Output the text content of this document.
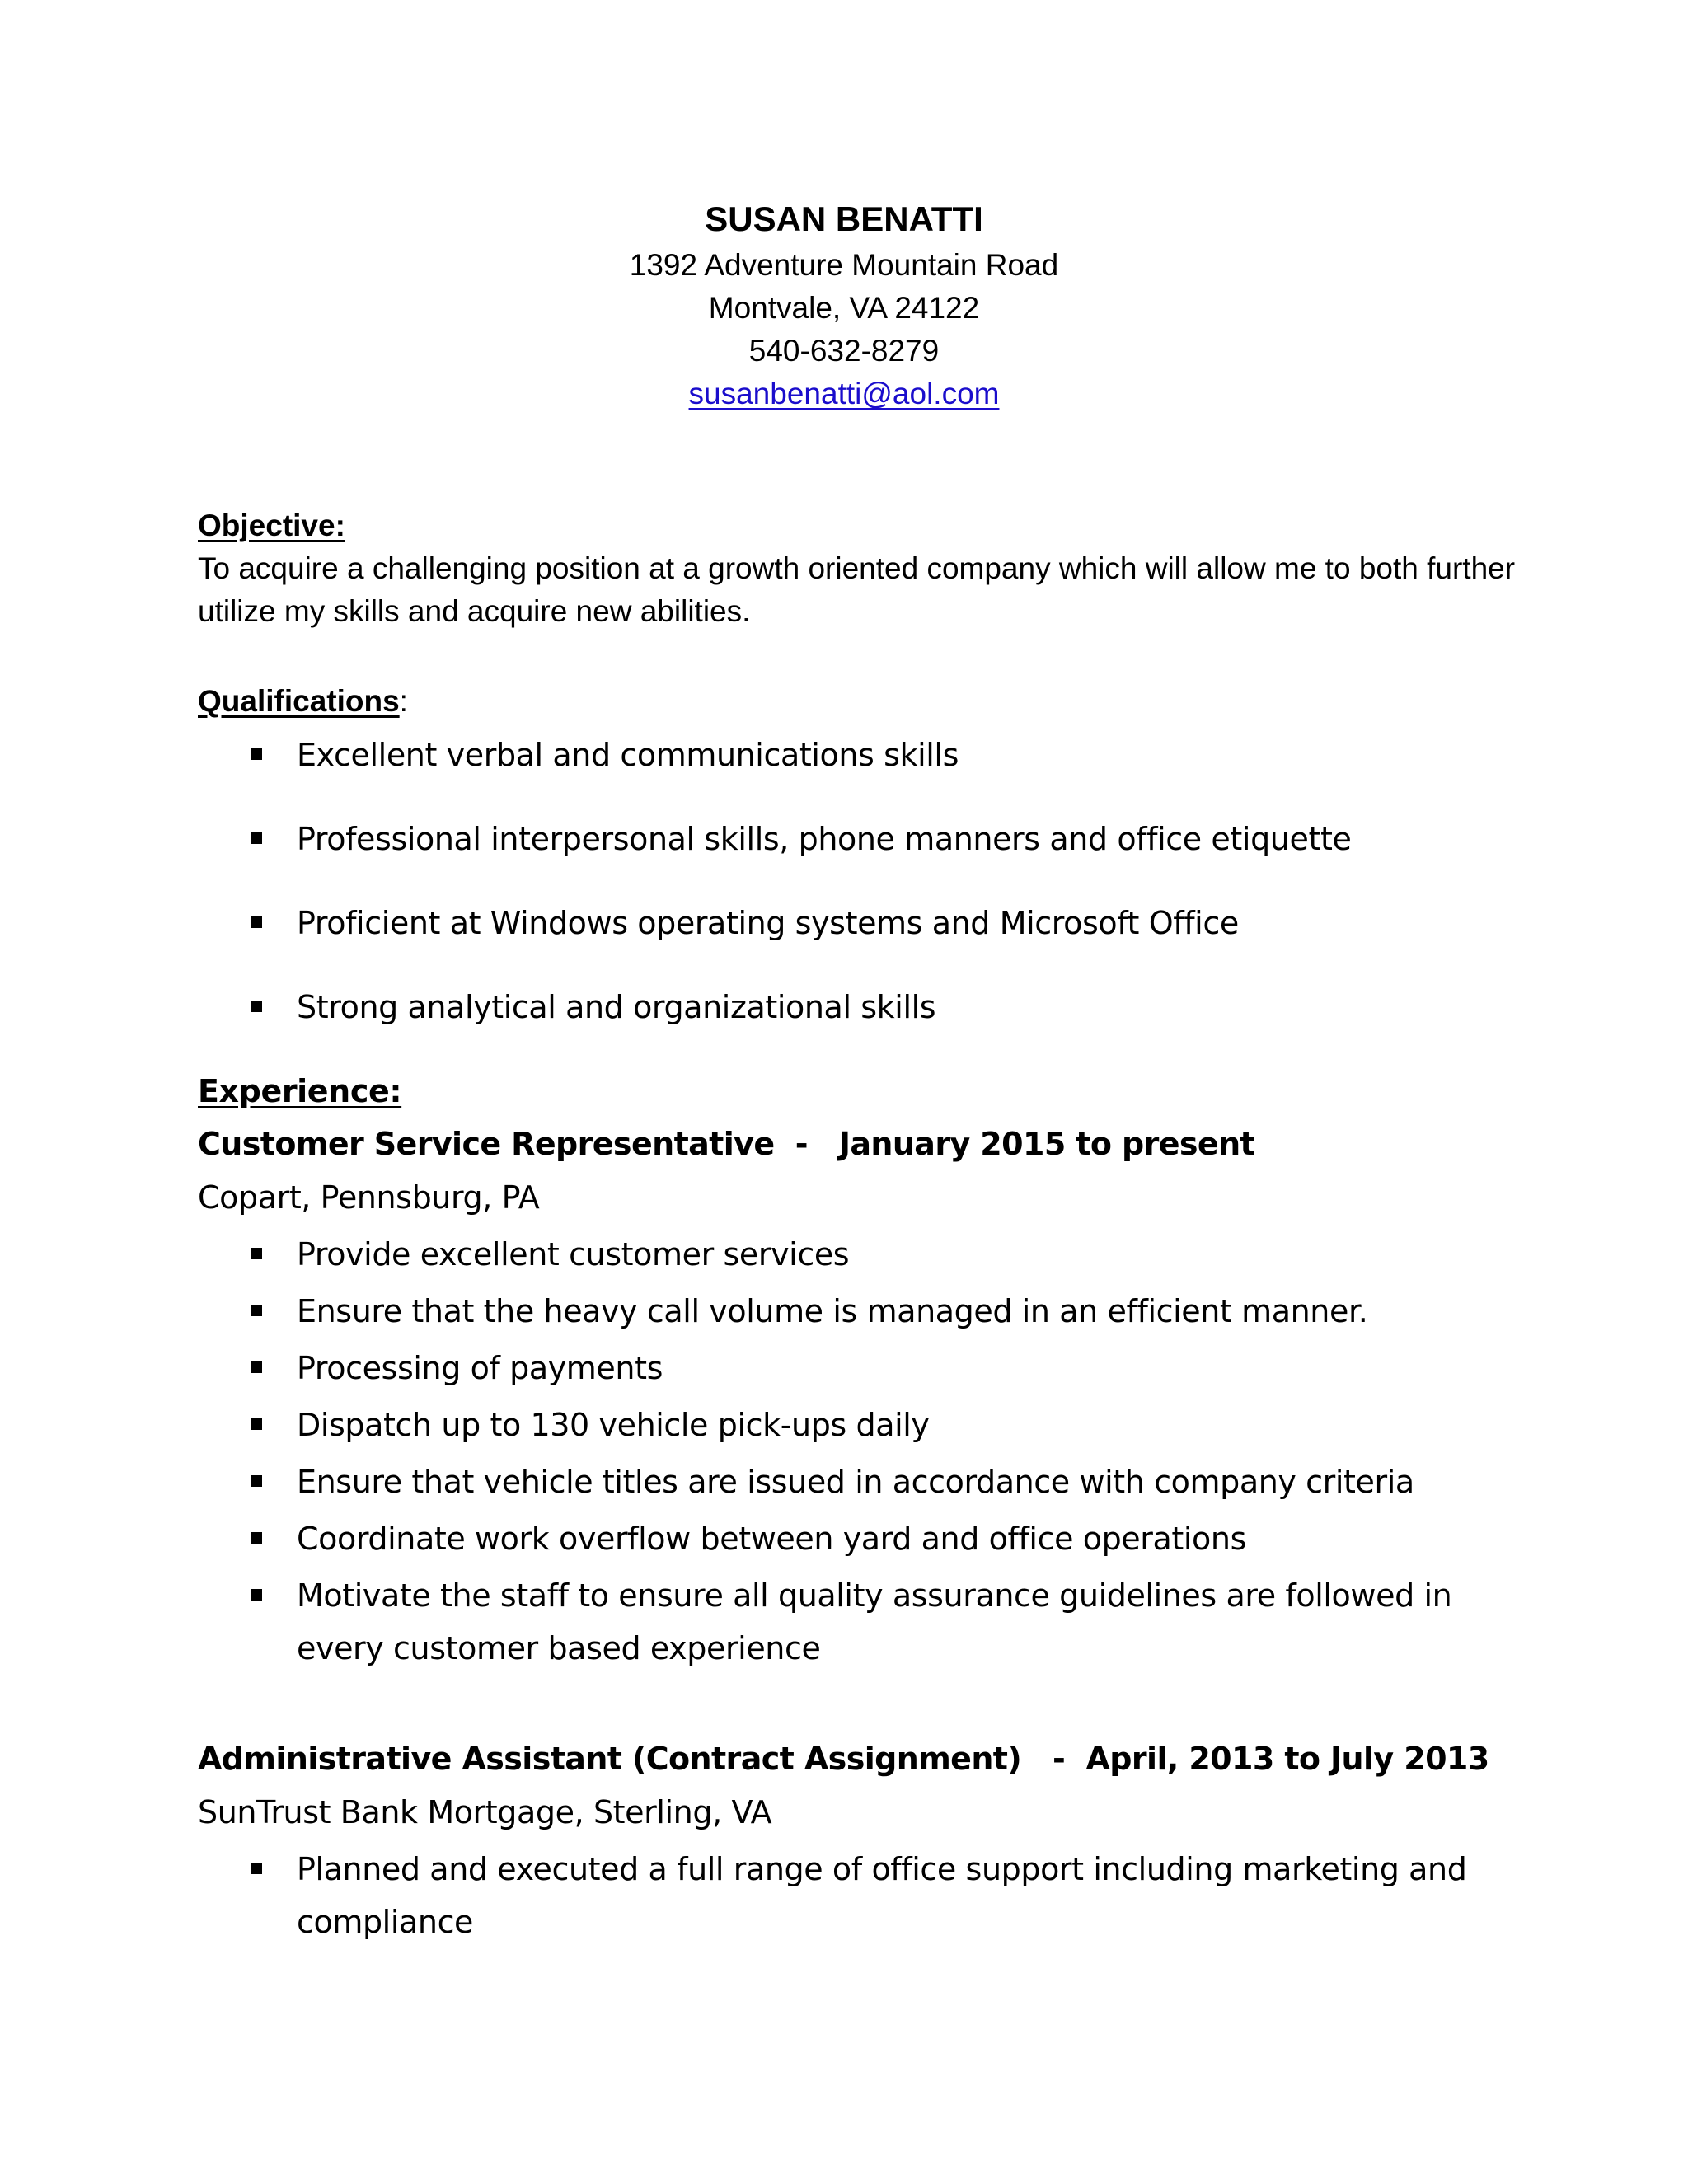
SUSAN BENATTI
1392 Adventure Mountain Road
Montvale, VA 24122
540-632-8279
susanbenatti@aol.com
Objective:
To acquire a challenging position at a growth oriented company which will allow me to both further utilize my skills and acquire new abilities.
Qualifications:
Excellent verbal and communications skills
Professional interpersonal skills, phone manners and office etiquette
Proficient at Windows operating systems and Microsoft Office
Strong analytical and organizational skills
Experience:
Customer Service Representative  -   January 2015 to present
Copart, Pennsburg, PA
Provide excellent customer services
Ensure that the heavy call volume is managed in an efficient manner.
Processing of payments
Dispatch up to 130 vehicle pick-ups daily
Ensure that vehicle titles are issued in accordance with company criteria
Coordinate work overflow between yard and office operations
Motivate the staff to ensure all quality assurance guidelines are followed in every customer based experience
Administrative Assistant (Contract Assignment)   -  April, 2013 to July 2013
SunTrust Bank Mortgage, Sterling, VA
Planned and executed a full range of office support including marketing and compliance
